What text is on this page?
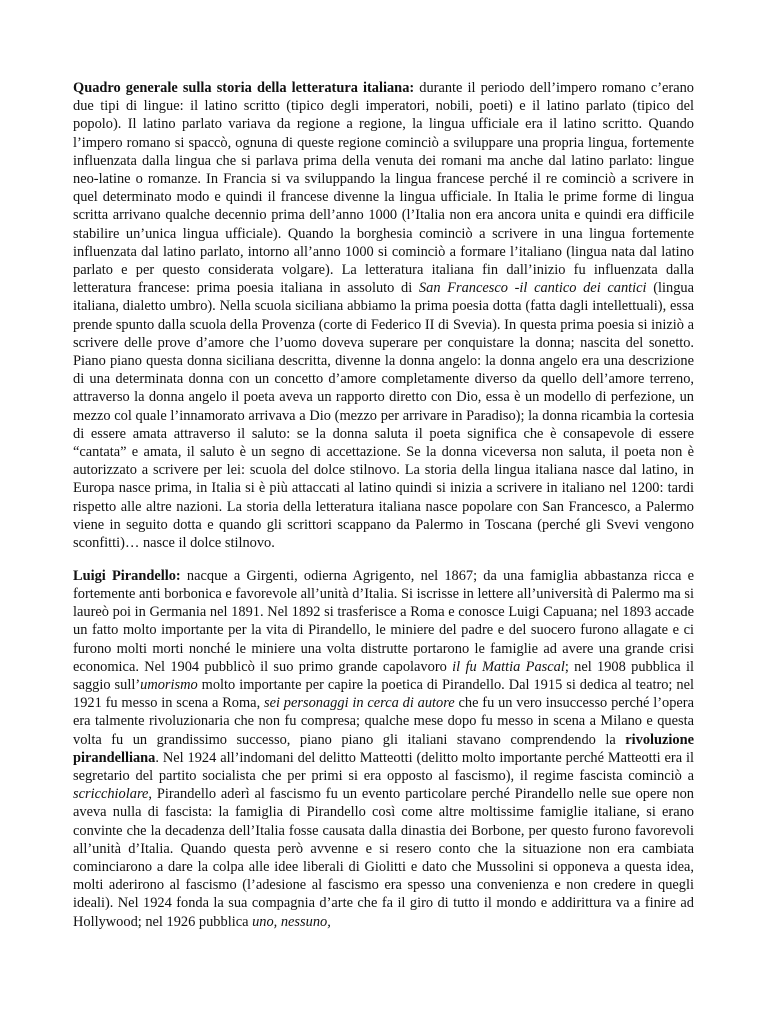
Quadro generale sulla storia della letteratura italiana: durante il periodo dell’impero romano c’erano due tipi di lingue: il latino scritto (tipico degli imperatori, nobili, poeti) e il latino parlato (tipico del popolo). Il latino parlato variava da regione a regione, la lingua ufficiale era il latino scritto. Quando l’impero romano si spaccò, ognuna di queste regione cominciò a sviluppare una propria lingua, fortemente influenzata dalla lingua che si parlava prima della venuta dei romani ma anche dal latino parlato: lingue neo-latine o romanze. In Francia si va sviluppando la lingua francese perché il re cominciò a scrivere in quel determinato modo e quindi il francese divenne la lingua ufficiale. In Italia le prime forme di lingua scritta arrivano qualche decennio prima dell’anno 1000 (l’Italia non era ancora unita e quindi era difficile stabilire un’unica lingua ufficiale). Quando la borghesia cominciò a scrivere in una lingua fortemente influenzata dal latino parlato, intorno all’anno 1000 si cominciò a formare l’italiano (lingua nata dal latino parlato e per questo considerata volgare). La letteratura italiana fin dall’inizio fu influenzata dalla letteratura francese: prima poesia italiana in assoluto di San Francesco -il cantico dei cantici (lingua italiana, dialetto umbro). Nella scuola siciliana abbiamo la prima poesia dotta (fatta dagli intellettuali), essa prende spunto dalla scuola della Provenza (corte di Federico II di Svevia). In questa prima poesia si iniziò a scrivere delle prove d’amore che l’uomo doveva superare per conquistare la donna; nascita del sonetto. Piano piano questa donna siciliana descritta, divenne la donna angelo: la donna angelo era una descrizione di una determinata donna con un concetto d’amore completamente diverso da quello dell’amore terreno, attraverso la donna angelo il poeta aveva un rapporto diretto con Dio, essa è un modello di perfezione, un mezzo col quale l’innamorato arrivava a Dio (mezzo per arrivare in Paradiso); la donna ricambia la cortesia di essere amata attraverso il saluto: se la donna saluta il poeta significa che è consapevole di essere “cantata” e amata, il saluto è un segno di accettazione. Se la donna viceversa non saluta, il poeta non è autorizzato a scrivere per lei: scuola del dolce stilnovo. La storia della lingua italiana nasce dal latino, in Europa nasce prima, in Italia si è più attaccati al latino quindi si inizia a scrivere in italiano nel 1200: tardi rispetto alle altre nazioni. La storia della letteratura italiana nasce popolare con San Francesco, a Palermo viene in seguito dotta e quando gli scrittori scappano da Palermo in Toscana (perché gli Svevi vengono sconfitti)… nasce il dolce stilnovo.

Luigi Pirandello: nacque a Girgenti, odierna Agrigento, nel 1867; da una famiglia abbastanza ricca e fortemente anti borbonica e favorevole all’unità d’Italia. Si iscrisse in lettere all’università di Palermo ma si laureò poi in Germania nel 1891. Nel 1892 si trasferisce a Roma e conosce Luigi Capuana; nel 1893 accade un fatto molto importante per la vita di Pirandello, le miniere del padre e del suocero furono allagate e ci furono molti morti nonché le miniere una volta distrutte portarono le famiglie ad avere una grande crisi economica. Nel 1904 pubblicò il suo primo grande capolavoro il fu Mattia Pascal; nel 1908 pubblica il saggio sull’umorismo molto importante per capire la poetica di Pirandello. Dal 1915 si dedica al teatro; nel 1921 fu messo in scena a Roma, sei personaggi in cerca di autore che fu un vero insuccesso perché l’opera era talmente rivoluzionaria che non fu compresa; qualche mese dopo fu messo in scena a Milano e questa volta fu un grandissimo successo, piano piano gli italiani stavano comprendendo la rivoluzione pirandelliana. Nel 1924 all’indomani del delitto Matteotti (delitto molto importante perché Matteotti era il segretario del partito socialista che per primi si era opposto al fascismo), il regime fascista cominciò a scricchiolare, Pirandello aderì al fascismo fu un evento particolare perché Pirandello nelle sue opere non aveva nulla di fascista: la famiglia di Pirandello così come altre moltissime famiglie italiane, si erano convinte che la decadenza dell’Italia fosse causata dalla dinastia dei Borbone, per questo furono favorevoli all’unità d’Italia. Quando questa però avvenne e si resero conto che la situazione non era cambiata cominciarono a dare la colpa alle idee liberali di Giolitti e dato che Mussolini si opponeva a questa idea, molti aderirono al fascismo (l’adesione al fascismo era spesso una convenienza e non credere in quegli ideali). Nel 1924 fonda la sua compagnia d’arte che fa il giro di tutto il mondo e addirittura va a finire ad Hollywood; nel 1926 pubblica uno, nessuno,
